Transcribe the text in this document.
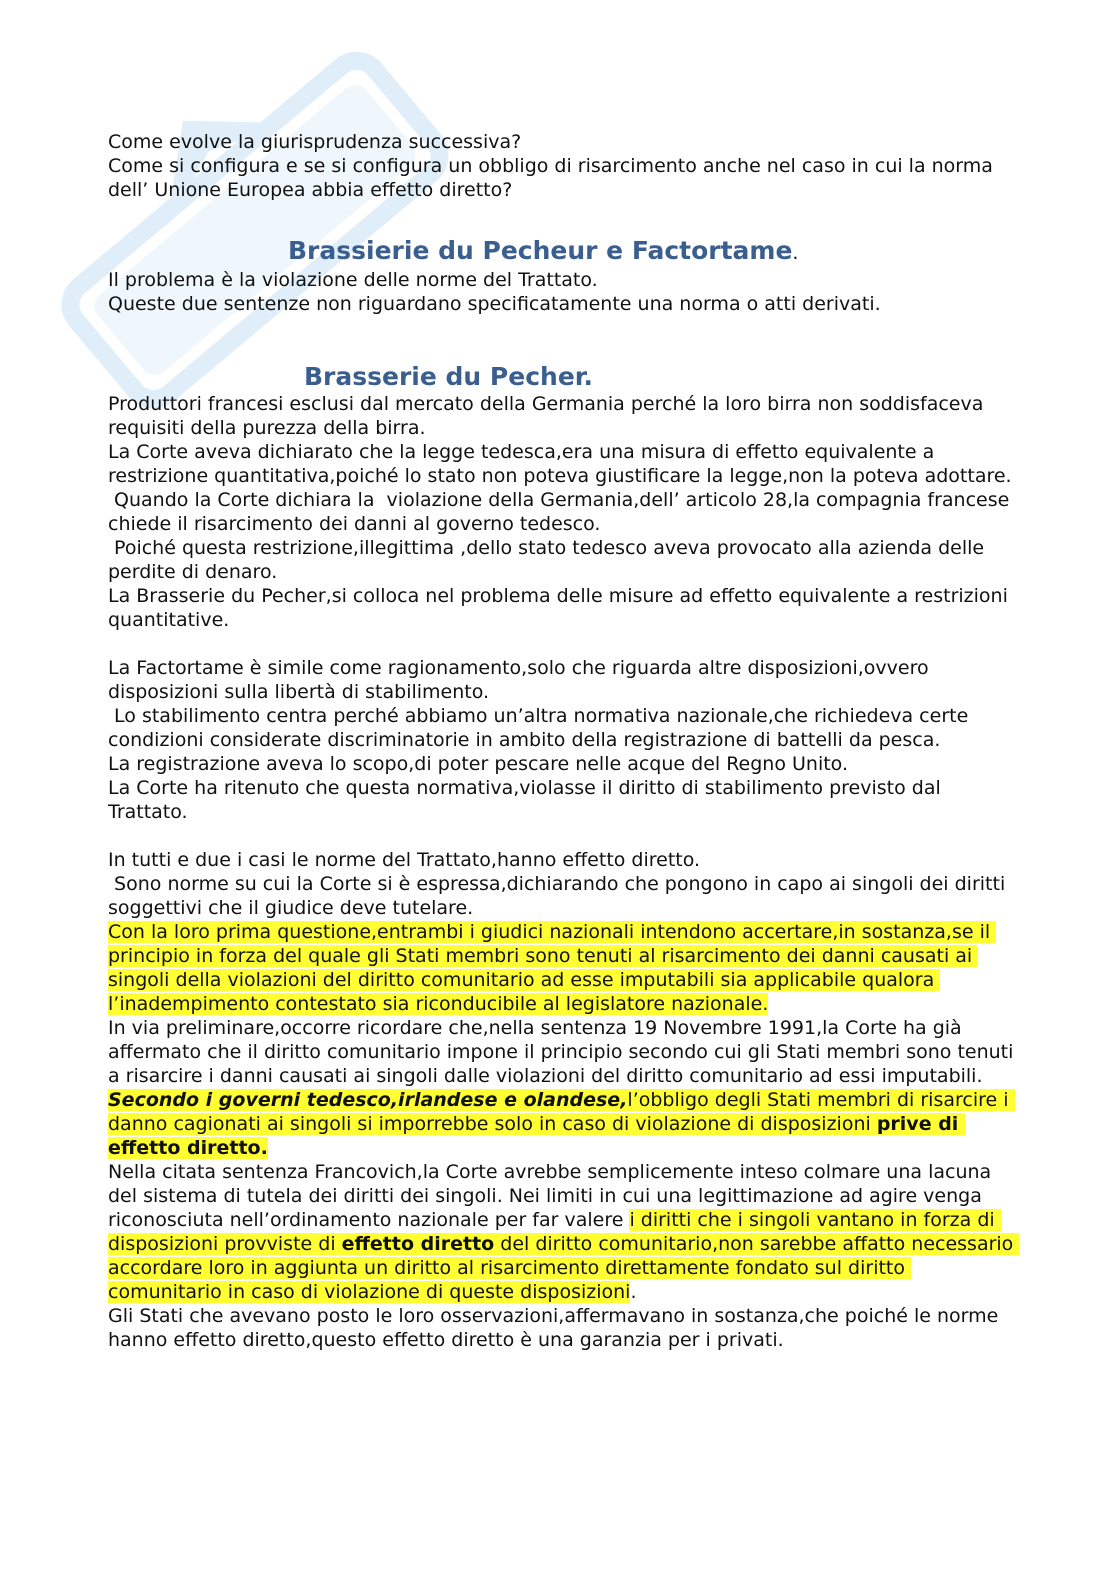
Come evolve la giurisprudenza successiva?

Come si configura e se si configura un obbligo di risarcimento anche nel caso in cui la norma dell’ Unione Europea abbia effetto diretto?

Brassierie du Pecheur e Factortame.

Il problema è la violazione delle norme del Trattato.

Queste due sentenze non riguardano specificatamente una norma o atti derivati.

Brasserie du Pecher.

Produttori francesi esclusi dal mercato della Germania perché la loro birra non soddisfaceva requisiti della purezza della birra.

La Corte aveva dichiarato che la legge tedesca,era una misura di effetto equivalente a  restrizione quantitativa,poiché lo stato non poteva giustificare la legge,non la poteva adottare.

Quando la Corte dichiara la  violazione della Germania,dell’ articolo 28,la compagnia francese chiede il risarcimento dei danni al governo tedesco.

Poiché questa restrizione,illegittima ,dello stato tedesco aveva provocato alla azienda delle perdite di denaro.

La Brasserie du Pecher,si colloca nel problema delle misure ad effetto equivalente a restrizioni quantitative.

La Factortame è simile come ragionamento,solo che riguarda altre disposizioni,ovvero disposizioni sulla libertà di stabilimento.

Lo stabilimento centra perché abbiamo un’altra normativa nazionale,che richiedeva certe condizioni considerate discriminatorie in ambito della registrazione di battelli da pesca.

La registrazione aveva lo scopo,di poter pescare nelle acque del Regno Unito.

La Corte ha ritenuto che questa normativa,violasse il diritto di stabilimento previsto dal Trattato.

In tutti e due i casi le norme del Trattato,hanno effetto diretto.

Sono norme su cui la Corte si è espressa,dichiarando che pongono in capo ai singoli dei diritti soggettivi che il giudice deve tutelare.

Con la loro prima questione,entrambi i giudici nazionali intendono accertare,in sostanza,se il principio in forza del quale gli Stati membri sono tenuti al risarcimento dei danni causati ai singoli della violazioni del diritto comunitario ad esse imputabili sia applicabile qualora l’inadempimento contestato sia riconducibile al legislatore nazionale.

In via preliminare,occorre ricordare che,nella sentenza 19 Novembre 1991,la Corte ha già affermato che il diritto comunitario impone il principio secondo cui gli Stati membri sono tenuti a risarcire i danni causati ai singoli dalle violazioni del diritto comunitario ad essi imputabili.

Secondo i governi tedesco,irlandese e olandese,l’obbligo degli Stati membri di risarcire i danno cagionati ai singoli si imporrebbe solo in caso di violazione di disposizioni prive di effetto diretto.

Nella citata sentenza Francovich,la Corte avrebbe semplicemente inteso colmare una lacuna del sistema di tutela dei diritti dei singoli. Nei limiti in cui una legittimazione ad agire venga riconosciuta nell’ordinamento nazionale per far valere i diritti che i singoli vantano in forza di disposizioni provviste di effetto diretto del diritto comunitario,non sarebbe affatto necessario accordare loro in aggiunta un diritto al risarcimento direttamente fondato sul diritto comunitario in caso di violazione di queste disposizioni.

Gli Stati che avevano posto le loro osservazioni,affermavano in sostanza,che poiché le norme hanno effetto diretto,questo effetto diretto è una garanzia per i privati.
